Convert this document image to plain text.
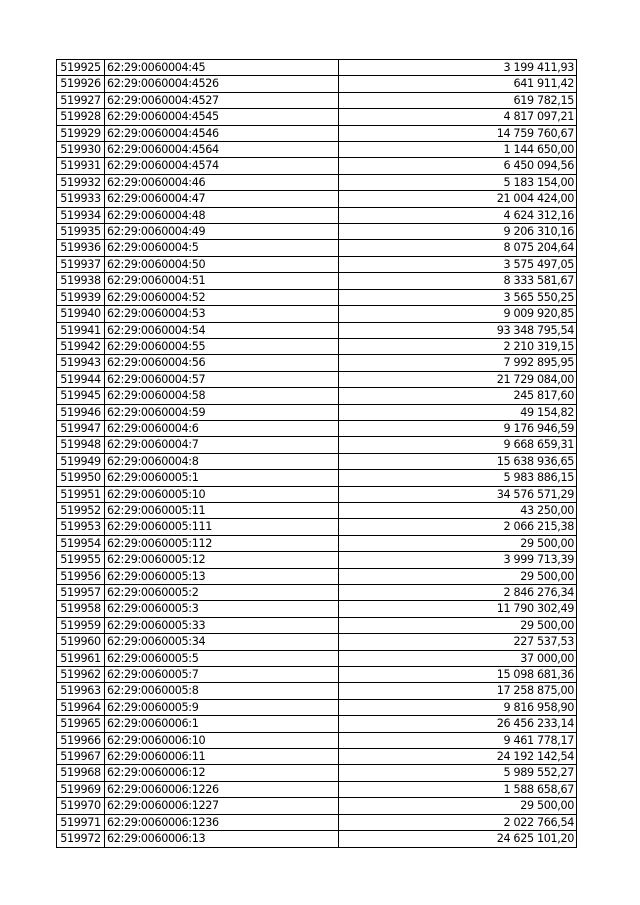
519925	62:29:0060004:45	3 199 411,93
519926	62:29:0060004:4526	641 911,42
519927	62:29:0060004:4527	619 782,15
519928	62:29:0060004:4545	4 817 097,21
519929	62:29:0060004:4546	14 759 760,67
519930	62:29:0060004:4564	1 144 650,00
519931	62:29:0060004:4574	6 450 094,56
519932	62:29:0060004:46	5 183 154,00
519933	62:29:0060004:47	21 004 424,00
519934	62:29:0060004:48	4 624 312,16
519935	62:29:0060004:49	9 206 310,16
519936	62:29:0060004:5	8 075 204,64
519937	62:29:0060004:50	3 575 497,05
519938	62:29:0060004:51	8 333 581,67
519939	62:29:0060004:52	3 565 550,25
519940	62:29:0060004:53	9 009 920,85
519941	62:29:0060004:54	93 348 795,54
519942	62:29:0060004:55	2 210 319,15
519943	62:29:0060004:56	7 992 895,95
519944	62:29:0060004:57	21 729 084,00
519945	62:29:0060004:58	245 817,60
519946	62:29:0060004:59	49 154,82
519947	62:29:0060004:6	9 176 946,59
519948	62:29:0060004:7	9 668 659,31
519949	62:29:0060004:8	15 638 936,65
519950	62:29:0060005:1	5 983 886,15
519951	62:29:0060005:10	34 576 571,29
519952	62:29:0060005:11	43 250,00
519953	62:29:0060005:111	2 066 215,38
519954	62:29:0060005:112	29 500,00
519955	62:29:0060005:12	3 999 713,39
519956	62:29:0060005:13	29 500,00
519957	62:29:0060005:2	2 846 276,34
519958	62:29:0060005:3	11 790 302,49
519959	62:29:0060005:33	29 500,00
519960	62:29:0060005:34	227 537,53
519961	62:29:0060005:5	37 000,00
519962	62:29:0060005:7	15 098 681,36
519963	62:29:0060005:8	17 258 875,00
519964	62:29:0060005:9	9 816 958,90
519965	62:29:0060006:1	26 456 233,14
519966	62:29:0060006:10	9 461 778,17
519967	62:29:0060006:11	24 192 142,54
519968	62:29:0060006:12	5 989 552,27
519969	62:29:0060006:1226	1 588 658,67
519970	62:29:0060006:1227	29 500,00
519971	62:29:0060006:1236	2 022 766,54
519972	62:29:0060006:13	24 625 101,20
